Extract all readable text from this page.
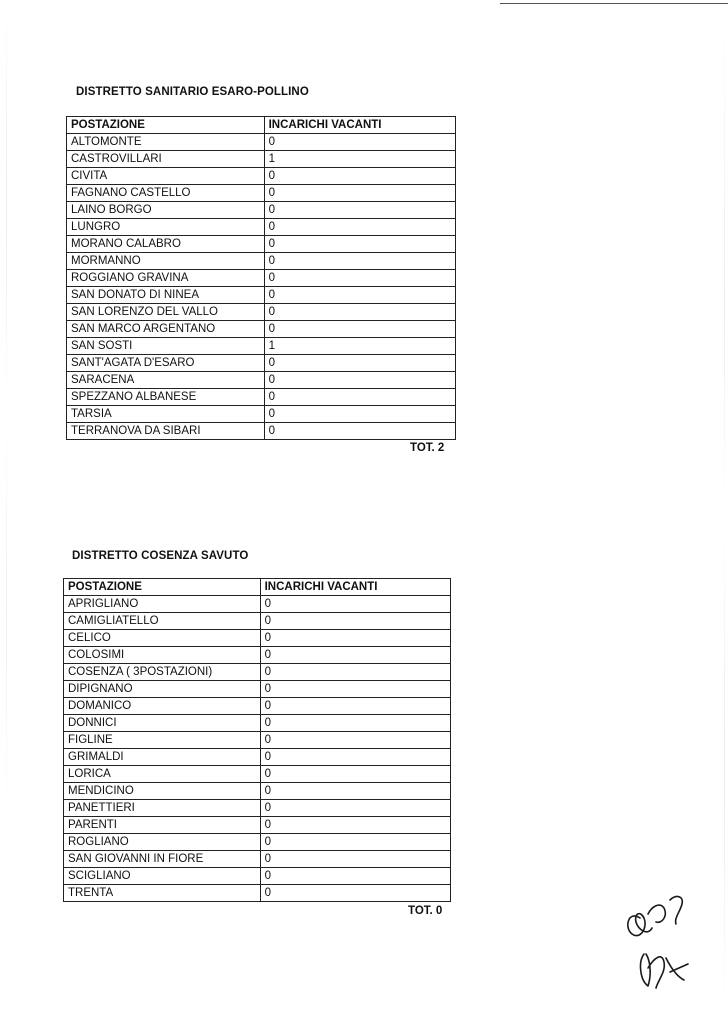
DISTRETTO SANITARIO ESARO-POLLINO
POSTAZIONE	INCARICHI VACANTI
ALTOMONTE	0
CASTROVILLARI	1
CIVITA	0
FAGNANO CASTELLO	0
LAINO BORGO	0
LUNGRO	0
MORANO CALABRO	0
MORMANNO	0
ROGGIANO GRAVINA	0
SAN DONATO DI NINEA	0
SAN LORENZO DEL VALLO	0
SAN MARCO ARGENTANO	0
SAN SOSTI	1
SANT'AGATA D'ESARO	0
SARACENA	0
SPEZZANO ALBANESE	0
TARSIA	0
TERRANOVA DA SIBARI	0
TOT. 2
DISTRETTO COSENZA SAVUTO
POSTAZIONE	INCARICHI VACANTI
APRIGLIANO	0
CAMIGLIATELLO	0
CELICO	0
COLOSIMI	0
COSENZA ( 3POSTAZIONI)	0
DIPIGNANO	0
DOMANICO	0
DONNICI	0
FIGLINE	0
GRIMALDI	0
LORICA	0
MENDICINO	0
PANETTIERI	0
PARENTI	0
ROGLIANO	0
SAN GIOVANNI IN FIORE	0
SCIGLIANO	0
TRENTA	0
TOT. 0
